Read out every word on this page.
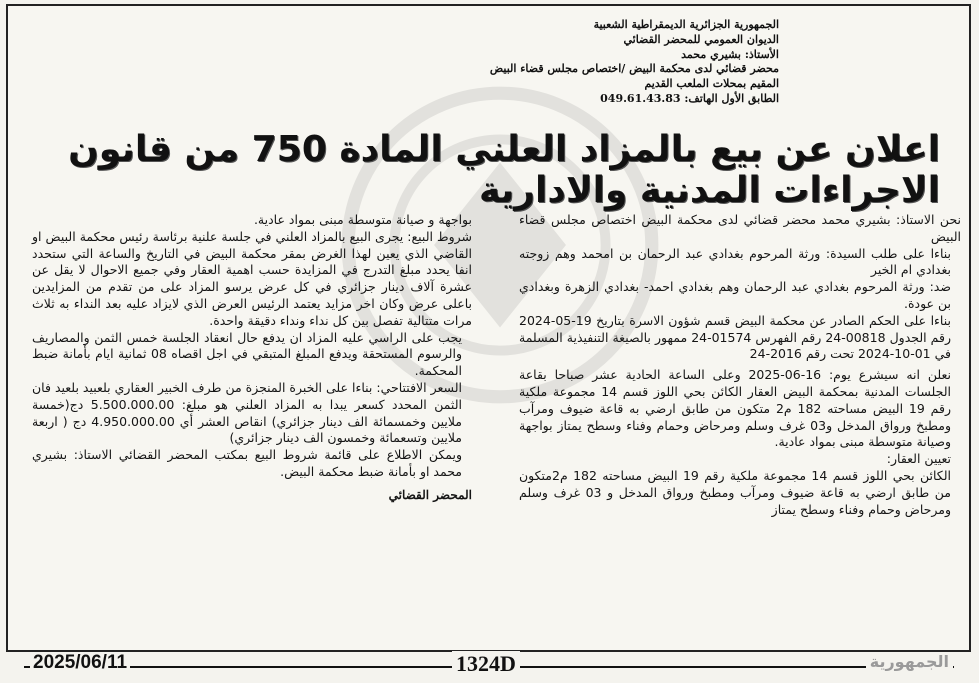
الجمهورية الجزائرية الديمقراطية الشعبية
الديوان العمومي للمحضر القضائي
الأستاذ: بشيري محمد
محضر قضائي لدى محكمة البيض /اختصاص مجلس قضاء البيض
المقيم بمحلات الملعب القديم
الطابق الأول الهاتف: 049.61.43.83
اعلان عن بيع بالمزاد العلني المادة 750 من قانون الاجراءات المدنية والادارية

نحن الاستاذ: بشيري محمد محضر قضائي لدى محكمة البيض اختصاص مجلس قضاء البيض

بناءا على طلب السيدة: ورثة المرحوم بغدادي عبد الرحمان بن امحمد وهم زوجته بغدادي ام الخير

ضد: ورثة المرحوم بغدادي عبد الرحمان وهم بغدادي احمد- بغدادي الزهرة وبغدادي بن عودة.

بناءا على الحكم الصادر عن محكمة البيض قسم شؤون الاسرة بتاريخ 19-05-2024 رقم الجدول 00818-24 رقم الفهرس 01574-24 ممهور بالصيغة التنفيذية المسلمة في 01-10-2024 تحت رقم 2016-24

نعلن انه سيشرع يوم: 16-06-2025 وعلى الساعة الحادية عشر صباحا بقاعة الجلسات المدنية بمحكمة البيض العقار الكائن بحي اللوز قسم 14 مجموعة ملكية رقم 19 البيض مساحته 182 م2 متكون من طابق ارضي به قاعة ضيوف ومرآب ومطبخ ورواق المدخل و03 غرف وسلم ومرحاض وحمام وفناء وسطح يمتاز بواجهة وصيانة متوسطة مبنى بمواد عادية.

تعيين العقار:

الكائن بحي اللوز قسم 14 مجموعة ملكية رقم 19 البيض مساحته 182 م2متكون من طابق ارضي به قاعة ضيوف ومرآب ومطبخ ورواق المدخل و 03 غرف وسلم ومرحاض وحمام وفناء وسطح يمتاز

بواجهة و صيانة متوسطة مبنى بمواد عادية.

شروط البيع: يجرى البيع بالمزاد العلني في جلسة علنية برئاسة رئيس محكمة البيض او القاضي الذي يعين لهذا الغرض بمقر محكمة البيض في التاريخ والساعة التي ستحدد انفا يحدد مبلغ التدرج في المزايدة حسب اهمية العقار وفي جميع الاحوال لا يقل عن عشرة آلاف دينار جزائري في كل عرض يرسو المزاد على من تقدم من المزايدين باعلى عرض وكان اخر مزايد يعتمد الرئيس العرض الذي لايزاد عليه بعد النداء به ثلاث مرات متتالية تفصل بين كل نداء ونداء دقيقة واحدة.

يجب على الراسي عليه المزاد ان يدفع حال انعقاد الجلسة خمس الثمن والمصاريف والرسوم المستحقة ويدفع المبلغ المتبقي في اجل اقصاه 08 ثمانية ايام بأمانة ضبط المحكمة.

السعر الافتتاحي: بناءا على الخبرة المنجزة من طرف الخبير العقاري بلعبيد بلعيد فان الثمن المحدد كسعر يبدا به المزاد العلني هو مبلغ: 5.500.000.00 دج(خمسة ملايين وخمسمائة الف دينار جزائري) انقاص العشر أي 4.950.000.00 دج ( اربعة ملايين وتسعمائة وخمسون الف دينار جزائري)

ويمكن الاطلاع على قائمة شروط البيع بمكتب المحضر القضائي الاستاذ: بشيري محمد او بأمانة ضبط محكمة البيض.

المحضر القضائي

2025/06/11	1324D	الجمهورية
